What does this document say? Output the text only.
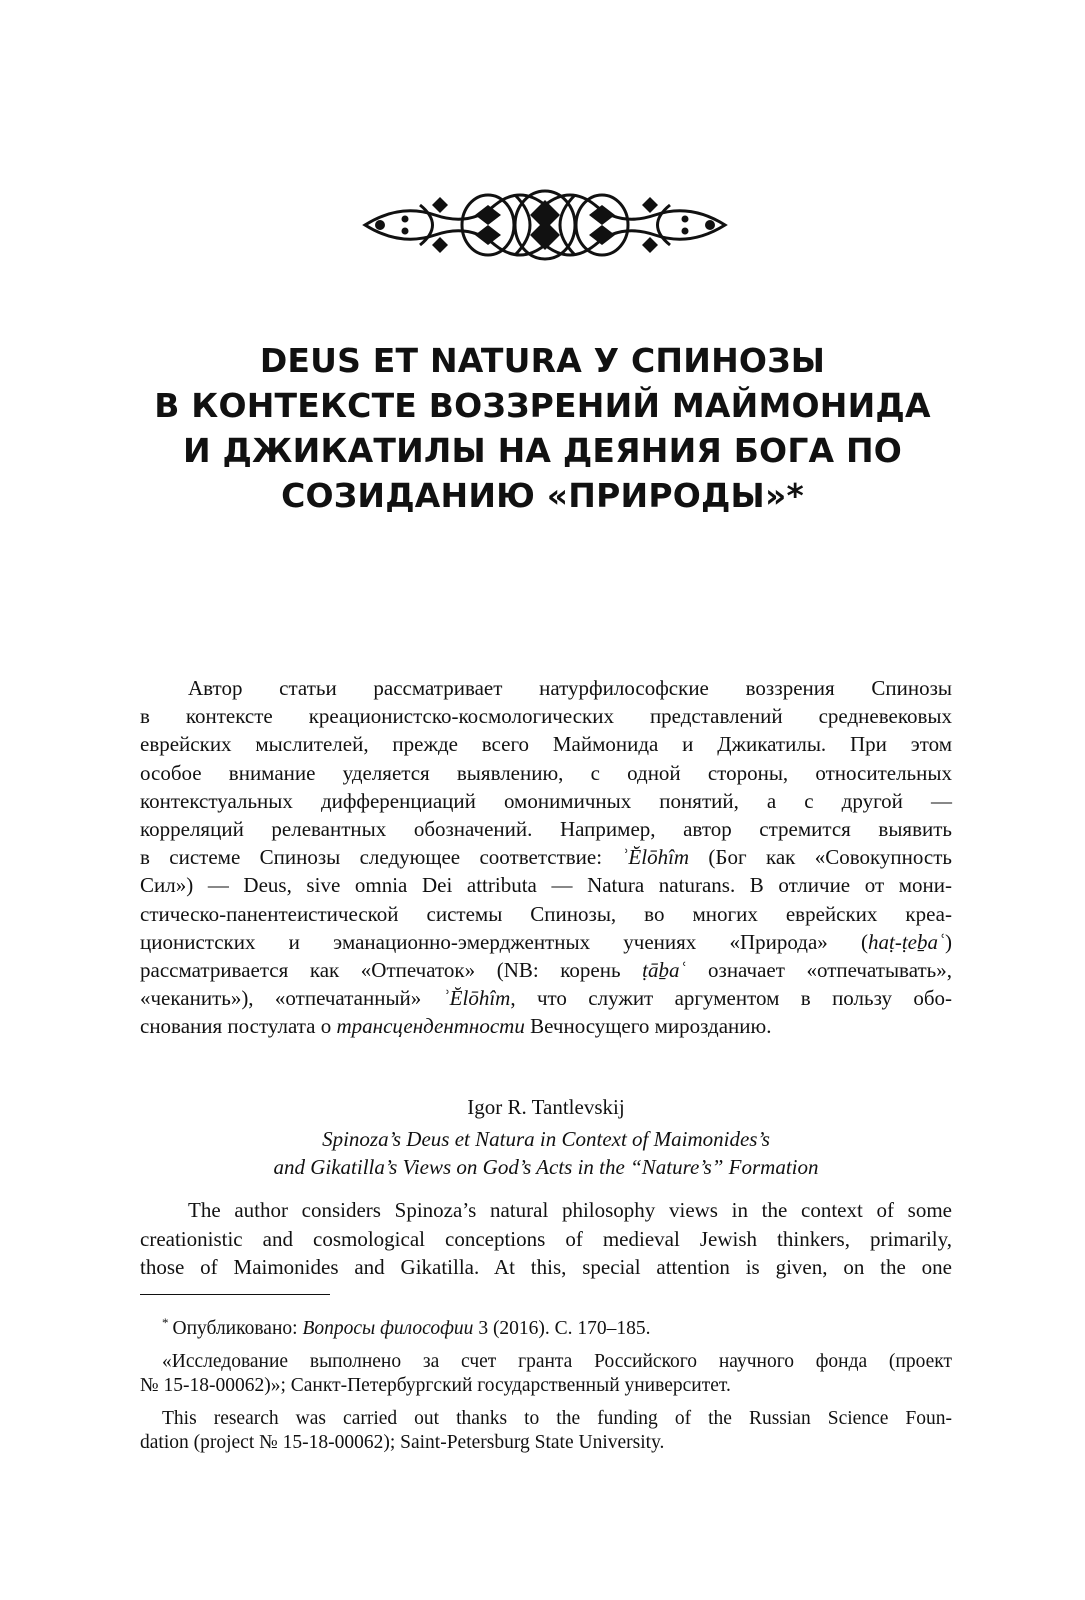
DEUS ET NATURA У СПИНОЗЫ
В КОНТЕКСТЕ ВОЗЗРЕНИЙ МАЙМОНИДА
И ДЖИКАТИЛЫ НА ДЕЯНИЯ БОГА ПО
СОЗИДАНИЮ «ПРИРОДЫ»*
Автор статьи рассматривает натурфилософские воззрения Спинозы
в контексте креационистско-космологических представлений средневековых
еврейских мыслителей, прежде всего Маймонида и Джикатилы. При этом
особое внимание уделяется выявлению, с одной стороны, относительных
контекстуальных дифференциаций омонимичных понятий, а с другой —
корреляций релевантных обозначений. Например, автор стремится выявить
в системе Спинозы следующее соответствие: ʾĔlōhîm (Бог как «Совокупность
Сил») — Deus, sive omnia Dei attributa — Natura naturans. В отличие от мони-
стическо-панентеистической системы Спинозы, во многих еврейских креа-
ционистских и эманационно-эмерджентных учениях «Природа» (haṭ-ṭeḇaʿ)
рассматривается как «Отпечаток» (NB: корень ṭāḇaʿ означает «отпечатывать»,
«чеканить»), «отпечатанный» ʾĔlōhîm, что служит аргументом в пользу обо-
снования постулата о трансцендентности Вечносущего мирозданию.
Igor R. Tantlevskij
Spinoza’s Deus et Natura in Context of Maimonides’s
and Gikatilla’s Views on God’s Acts in the “Nature’s” Formation
The author considers Spinoza’s natural philosophy views in the context of some
creationistic and cosmological conceptions of medieval Jewish thinkers, primarily,
those of Maimonides and Gikatilla. At this, special attention is given, on the one
* Опубликовано: Вопросы философии 3 (2016). С. 170–185.
«Исследование выполнено за счет гранта Российского научного фонда (проект
№ 15-18-00062)»; Санкт-Петербургский государственный университет.
This research was carried out thanks to the funding of the Russian Science Foun-
dation (project № 15-18-00062); Saint-Petersburg State University.
